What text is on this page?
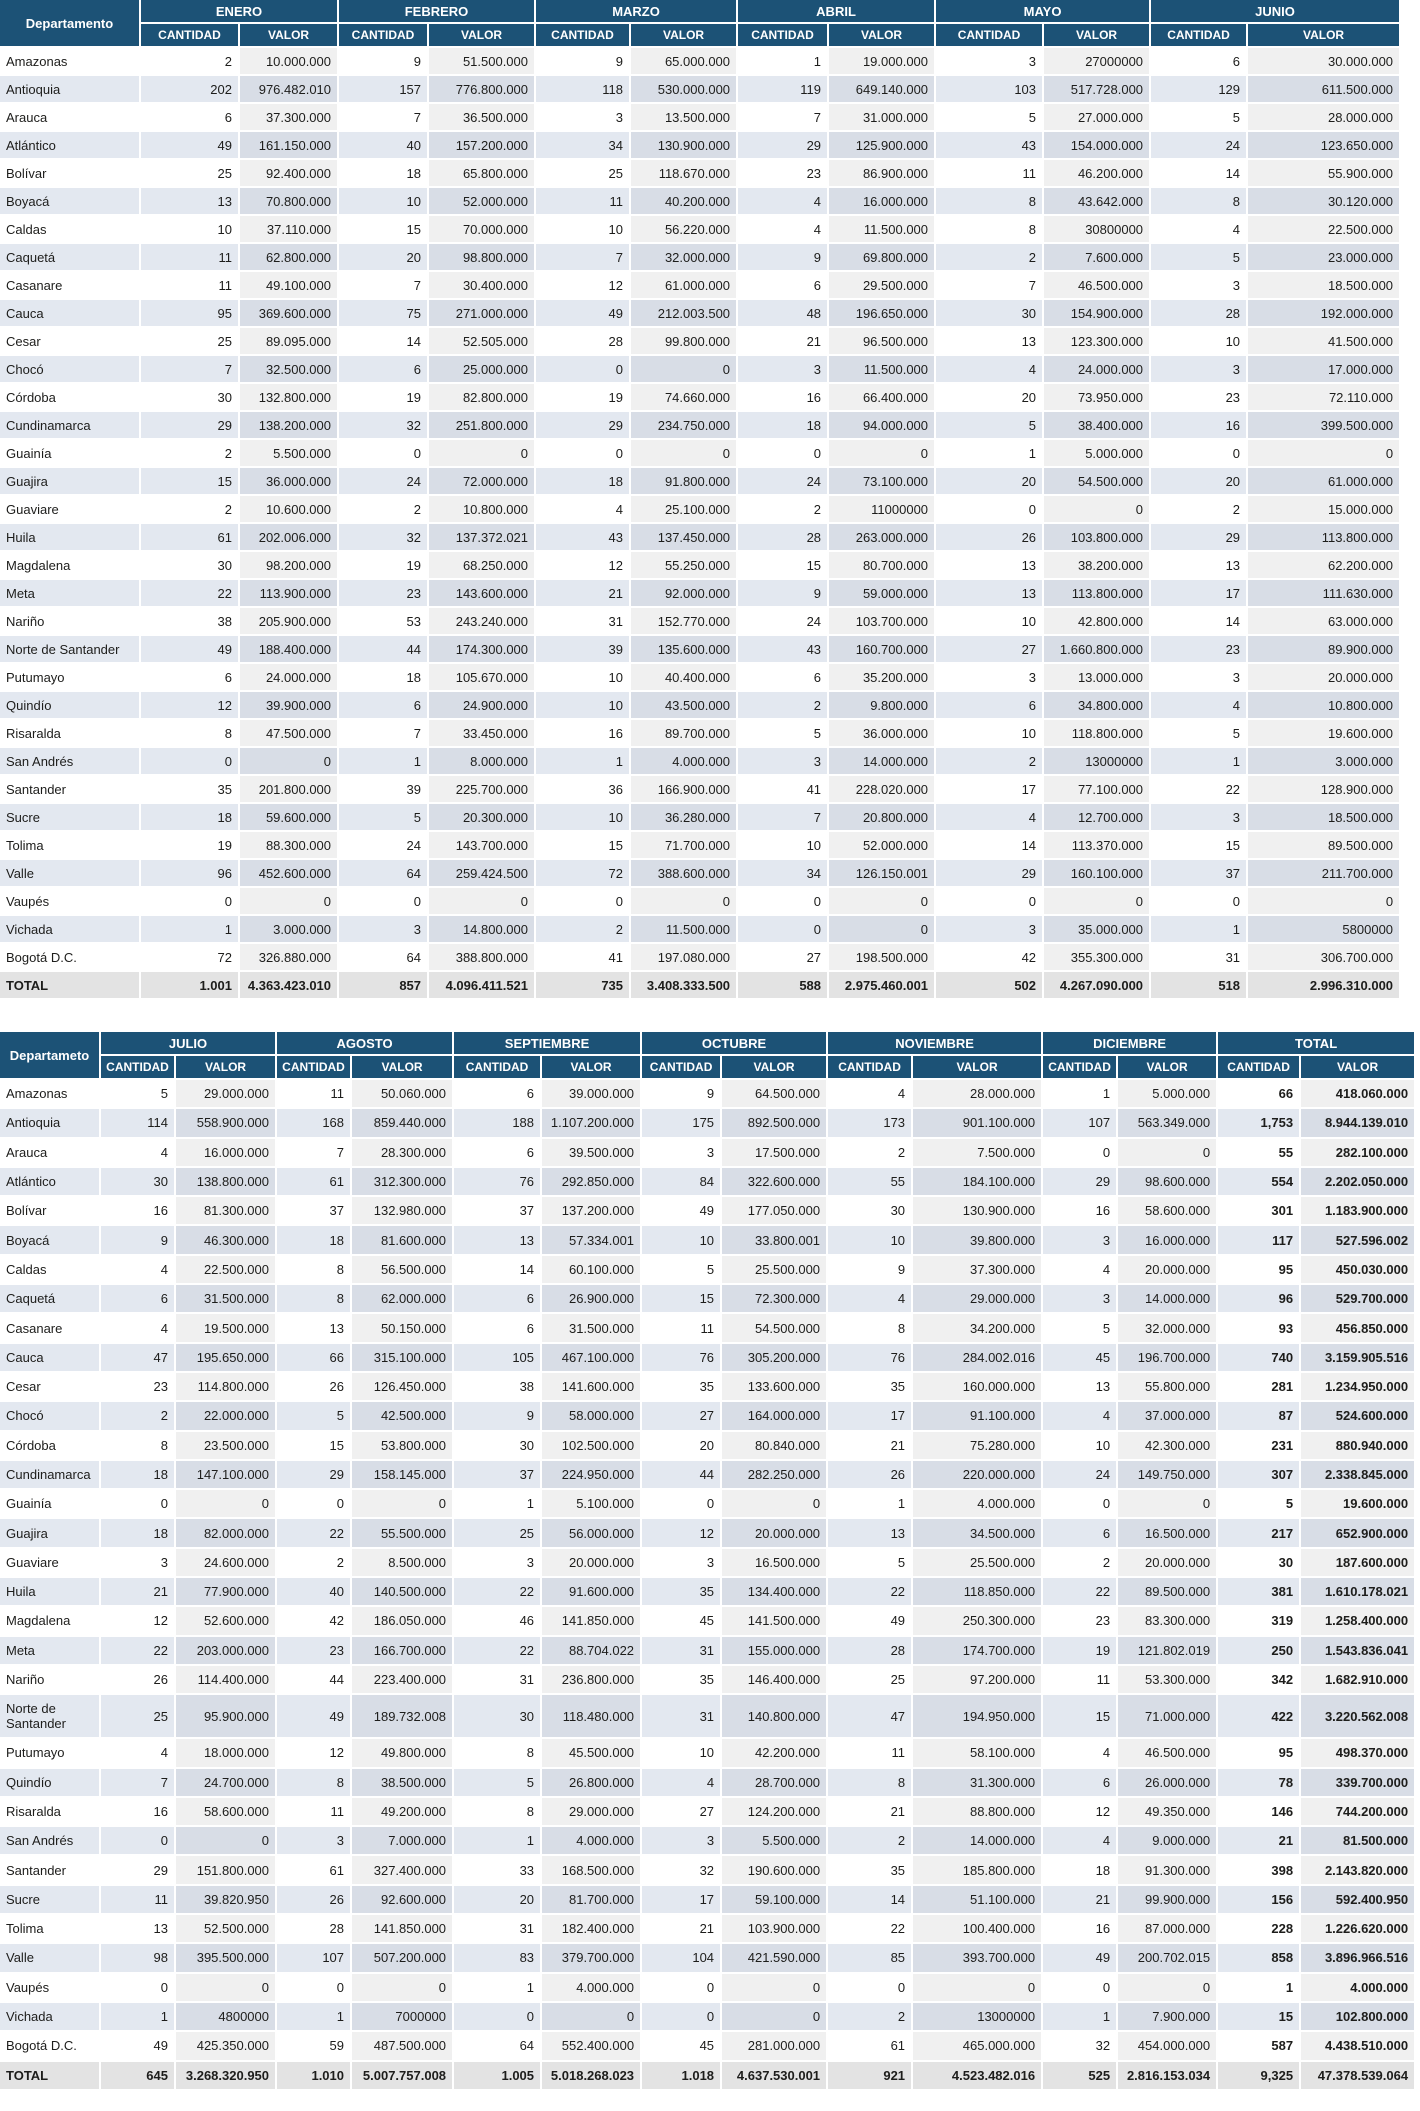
Departamento	ENERO		FEBRERO		MARZO		ABRIL		MAYO		JUNIO	
	CANTIDAD	VALOR	CANTIDAD	VALOR	CANTIDAD	VALOR	CANTIDAD	VALOR	CANTIDAD	VALOR	CANTIDAD	VALOR
Amazonas	2	10.000.000	9	51.500.000	9	65.000.000	1	19.000.000	3	27000000	6	30.000.000
Antioquia	202	976.482.010	157	776.800.000	118	530.000.000	119	649.140.000	103	517.728.000	129	611.500.000
Arauca	6	37.300.000	7	36.500.000	3	13.500.000	7	31.000.000	5	27.000.000	5	28.000.000
Atlántico	49	161.150.000	40	157.200.000	34	130.900.000	29	125.900.000	43	154.000.000	24	123.650.000
Bolívar	25	92.400.000	18	65.800.000	25	118.670.000	23	86.900.000	11	46.200.000	14	55.900.000
Boyacá	13	70.800.000	10	52.000.000	11	40.200.000	4	16.000.000	8	43.642.000	8	30.120.000
Caldas	10	37.110.000	15	70.000.000	10	56.220.000	4	11.500.000	8	30800000	4	22.500.000
Caquetá	11	62.800.000	20	98.800.000	7	32.000.000	9	69.800.000	2	7.600.000	5	23.000.000
Casanare	11	49.100.000	7	30.400.000	12	61.000.000	6	29.500.000	7	46.500.000	3	18.500.000
Cauca	95	369.600.000	75	271.000.000	49	212.003.500	48	196.650.000	30	154.900.000	28	192.000.000
Cesar	25	89.095.000	14	52.505.000	28	99.800.000	21	96.500.000	13	123.300.000	10	41.500.000
Chocó	7	32.500.000	6	25.000.000	0	0	3	11.500.000	4	24.000.000	3	17.000.000
Córdoba	30	132.800.000	19	82.800.000	19	74.660.000	16	66.400.000	20	73.950.000	23	72.110.000
Cundinamarca	29	138.200.000	32	251.800.000	29	234.750.000	18	94.000.000	5	38.400.000	16	399.500.000
Guainía	2	5.500.000	0	0	0	0	0	0	1	5.000.000	0	0
Guajira	15	36.000.000	24	72.000.000	18	91.800.000	24	73.100.000	20	54.500.000	20	61.000.000
Guaviare	2	10.600.000	2	10.800.000	4	25.100.000	2	11000000	0	0	2	15.000.000
Huila	61	202.006.000	32	137.372.021	43	137.450.000	28	263.000.000	26	103.800.000	29	113.800.000
Magdalena	30	98.200.000	19	68.250.000	12	55.250.000	15	80.700.000	13	38.200.000	13	62.200.000
Meta	22	113.900.000	23	143.600.000	21	92.000.000	9	59.000.000	13	113.800.000	17	111.630.000
Nariño	38	205.900.000	53	243.240.000	31	152.770.000	24	103.700.000	10	42.800.000	14	63.000.000
Norte de Santander	49	188.400.000	44	174.300.000	39	135.600.000	43	160.700.000	27	1.660.800.000	23	89.900.000
Putumayo	6	24.000.000	18	105.670.000	10	40.400.000	6	35.200.000	3	13.000.000	3	20.000.000
Quindío	12	39.900.000	6	24.900.000	10	43.500.000	2	9.800.000	6	34.800.000	4	10.800.000
Risaralda	8	47.500.000	7	33.450.000	16	89.700.000	5	36.000.000	10	118.800.000	5	19.600.000
San Andrés	0	0	1	8.000.000	1	4.000.000	3	14.000.000	2	13000000	1	3.000.000
Santander	35	201.800.000	39	225.700.000	36	166.900.000	41	228.020.000	17	77.100.000	22	128.900.000
Sucre	18	59.600.000	5	20.300.000	10	36.280.000	7	20.800.000	4	12.700.000	3	18.500.000
Tolima	19	88.300.000	24	143.700.000	15	71.700.000	10	52.000.000	14	113.370.000	15	89.500.000
Valle	96	452.600.000	64	259.424.500	72	388.600.000	34	126.150.001	29	160.100.000	37	211.700.000
Vaupés	0	0	0	0	0	0	0	0	0	0	0	0
Vichada	1	3.000.000	3	14.800.000	2	11.500.000	0	0	3	35.000.000	1	5800000
Bogotá D.C.	72	326.880.000	64	388.800.000	41	197.080.000	27	198.500.000	42	355.300.000	31	306.700.000
TOTAL	1.001	4.363.423.010	857	4.096.411.521	735	3.408.333.500	588	2.975.460.001	502	4.267.090.000	518	2.996.310.000
Departameto	JULIO		AGOSTO		SEPTIEMBRE		OCTUBRE		NOVIEMBRE		DICIEMBRE		TOTAL	
	CANTIDAD	VALOR	CANTIDAD	VALOR	CANTIDAD	VALOR	CANTIDAD	VALOR	CANTIDAD	VALOR	CANTIDAD	VALOR	CANTIDAD	VALOR
Amazonas	5	29.000.000	11	50.060.000	6	39.000.000	9	64.500.000	4	28.000.000	1	5.000.000	66	418.060.000
Antioquia	114	558.900.000	168	859.440.000	188	1.107.200.000	175	892.500.000	173	901.100.000	107	563.349.000	1,753	8.944.139.010
Arauca	4	16.000.000	7	28.300.000	6	39.500.000	3	17.500.000	2	7.500.000	0	0	55	282.100.000
Atlántico	30	138.800.000	61	312.300.000	76	292.850.000	84	322.600.000	55	184.100.000	29	98.600.000	554	2.202.050.000
Bolívar	16	81.300.000	37	132.980.000	37	137.200.000	49	177.050.000	30	130.900.000	16	58.600.000	301	1.183.900.000
Boyacá	9	46.300.000	18	81.600.000	13	57.334.001	10	33.800.001	10	39.800.000	3	16.000.000	117	527.596.002
Caldas	4	22.500.000	8	56.500.000	14	60.100.000	5	25.500.000	9	37.300.000	4	20.000.000	95	450.030.000
Caquetá	6	31.500.000	8	62.000.000	6	26.900.000	15	72.300.000	4	29.000.000	3	14.000.000	96	529.700.000
Casanare	4	19.500.000	13	50.150.000	6	31.500.000	11	54.500.000	8	34.200.000	5	32.000.000	93	456.850.000
Cauca	47	195.650.000	66	315.100.000	105	467.100.000	76	305.200.000	76	284.002.016	45	196.700.000	740	3.159.905.516
Cesar	23	114.800.000	26	126.450.000	38	141.600.000	35	133.600.000	35	160.000.000	13	55.800.000	281	1.234.950.000
Chocó	2	22.000.000	5	42.500.000	9	58.000.000	27	164.000.000	17	91.100.000	4	37.000.000	87	524.600.000
Córdoba	8	23.500.000	15	53.800.000	30	102.500.000	20	80.840.000	21	75.280.000	10	42.300.000	231	880.940.000
Cundinamarca	18	147.100.000	29	158.145.000	37	224.950.000	44	282.250.000	26	220.000.000	24	149.750.000	307	2.338.845.000
Guainía	0	0	0	0	1	5.100.000	0	0	1	4.000.000	0	0	5	19.600.000
Guajira	18	82.000.000	22	55.500.000	25	56.000.000	12	20.000.000	13	34.500.000	6	16.500.000	217	652.900.000
Guaviare	3	24.600.000	2	8.500.000	3	20.000.000	3	16.500.000	5	25.500.000	2	20.000.000	30	187.600.000
Huila	21	77.900.000	40	140.500.000	22	91.600.000	35	134.400.000	22	118.850.000	22	89.500.000	381	1.610.178.021
Magdalena	12	52.600.000	42	186.050.000	46	141.850.000	45	141.500.000	49	250.300.000	23	83.300.000	319	1.258.400.000
Meta	22	203.000.000	23	166.700.000	22	88.704.022	31	155.000.000	28	174.700.000	19	121.802.019	250	1.543.836.041
Nariño	26	114.400.000	44	223.400.000	31	236.800.000	35	146.400.000	25	97.200.000	11	53.300.000	342	1.682.910.000
Norte de Santander	25	95.900.000	49	189.732.008	30	118.480.000	31	140.800.000	47	194.950.000	15	71.000.000	422	3.220.562.008
Putumayo	4	18.000.000	12	49.800.000	8	45.500.000	10	42.200.000	11	58.100.000	4	46.500.000	95	498.370.000
Quindío	7	24.700.000	8	38.500.000	5	26.800.000	4	28.700.000	8	31.300.000	6	26.000.000	78	339.700.000
Risaralda	16	58.600.000	11	49.200.000	8	29.000.000	27	124.200.000	21	88.800.000	12	49.350.000	146	744.200.000
San Andrés	0	0	3	7.000.000	1	4.000.000	3	5.500.000	2	14.000.000	4	9.000.000	21	81.500.000
Santander	29	151.800.000	61	327.400.000	33	168.500.000	32	190.600.000	35	185.800.000	18	91.300.000	398	2.143.820.000
Sucre	11	39.820.950	26	92.600.000	20	81.700.000	17	59.100.000	14	51.100.000	21	99.900.000	156	592.400.950
Tolima	13	52.500.000	28	141.850.000	31	182.400.000	21	103.900.000	22	100.400.000	16	87.000.000	228	1.226.620.000
Valle	98	395.500.000	107	507.200.000	83	379.700.000	104	421.590.000	85	393.700.000	49	200.702.015	858	3.896.966.516
Vaupés	0	0	0	0	1	4.000.000	0	0	0	0	0	0	1	4.000.000
Vichada	1	4800000	1	7000000	0	0	0	0	2	13000000	1	7.900.000	15	102.800.000
Bogotá D.C.	49	425.350.000	59	487.500.000	64	552.400.000	45	281.000.000	61	465.000.000	32	454.000.000	587	4.438.510.000
TOTAL	645	3.268.320.950	1.010	5.007.757.008	1.005	5.018.268.023	1.018	4.637.530.001	921	4.523.482.016	525	2.816.153.034	9,325	47.378.539.064
